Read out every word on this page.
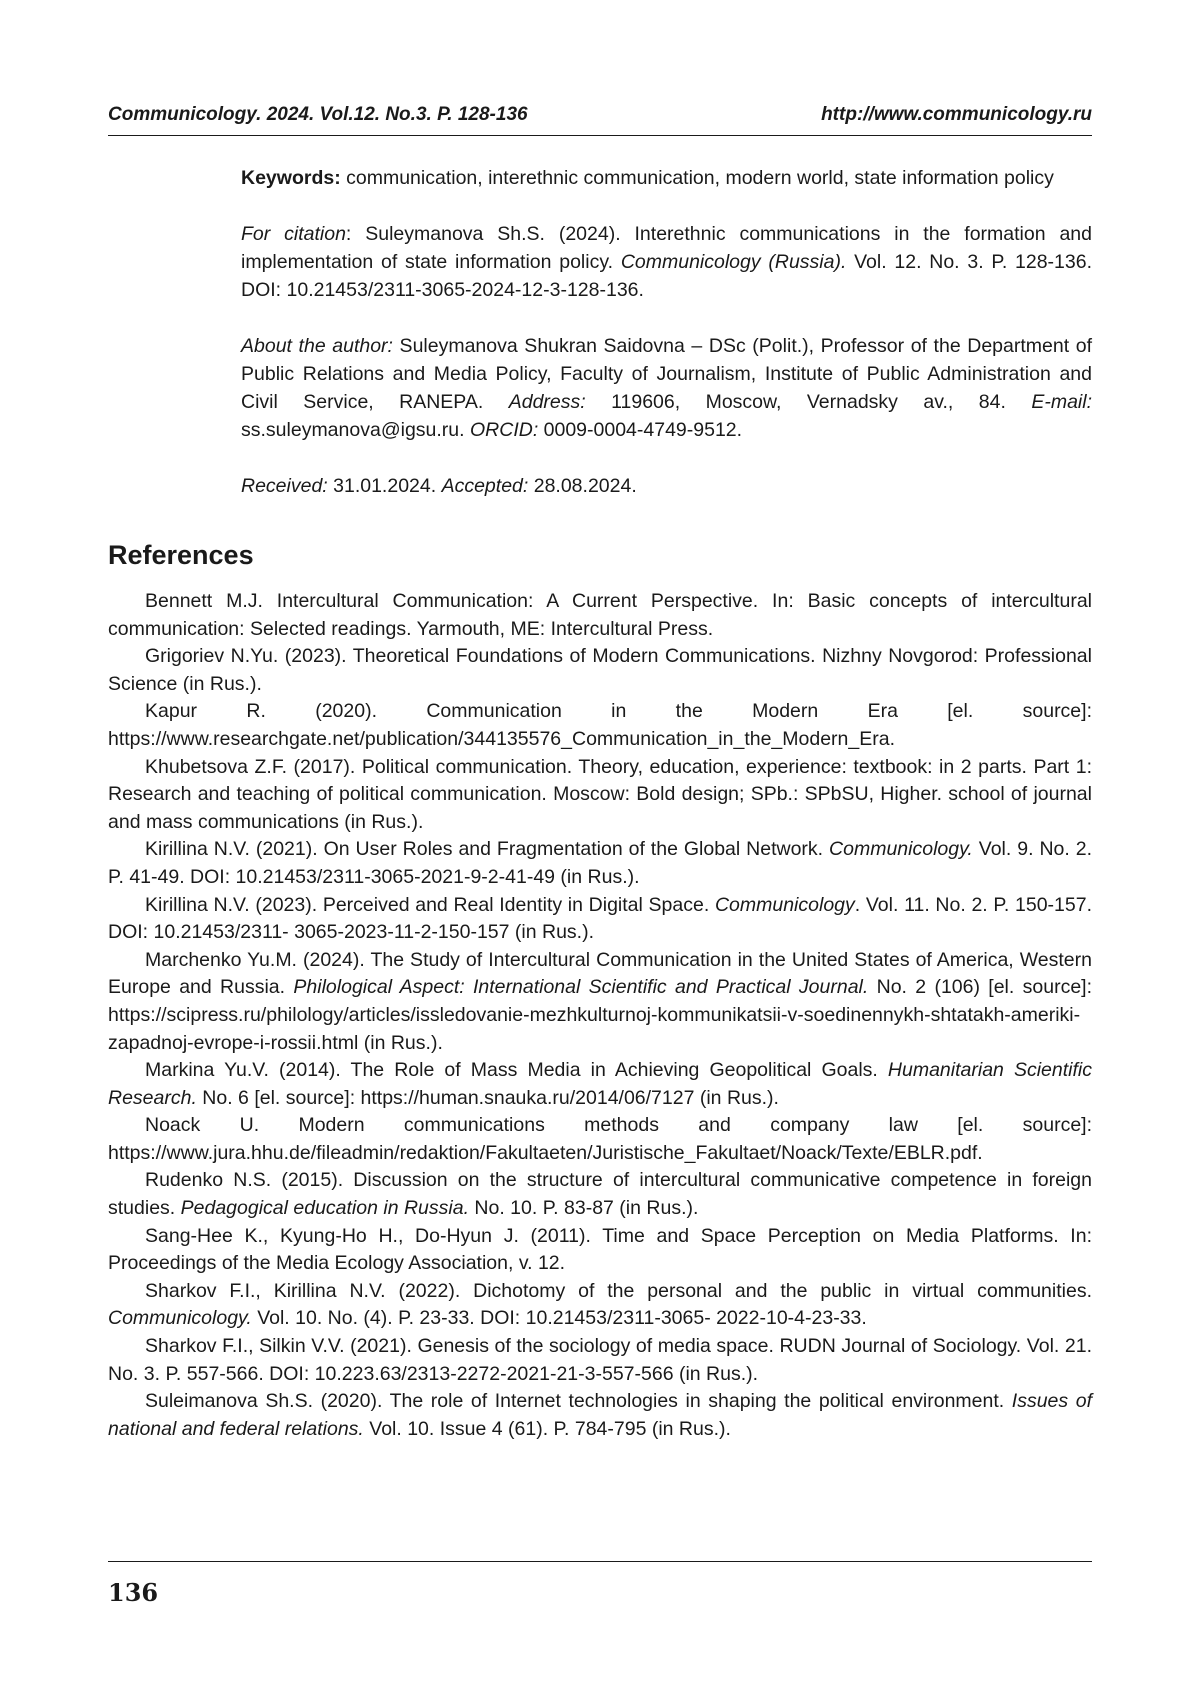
Communicology. 2024. Vol.12. No.3. P. 128-136	http://www.communicology.ru

Keywords: communication, interethnic communication, modern world, state information policy

For citation: Suleymanova Sh.S. (2024). Interethnic communications in the formation and implementation of state information policy. Communicology (Russia). Vol. 12. No. 3. P. 128-136. DOI: 10.21453/2311-3065-2024-12-3-128-136.

About the author: Suleymanova Shukran Saidovna – DSc (Polit.), Professor of the Department of Public Relations and Media Policy, Faculty of Journalism, Institute of Public Administration and Civil Service, RANEPA. Address: 119606, Moscow, Vernadsky av., 84. E-mail: ss.suleymanova@igsu.ru. ORCID: 0009-0004-4749-9512.

Received: 31.01.2024. Accepted: 28.08.2024.

References

Bennett M.J. Intercultural Communication: A Current Perspective. In: Basic concepts of intercultural communication: Selected readings. Yarmouth, ME: Intercultural Press.

Grigoriev N.Yu. (2023). Theoretical Foundations of Modern Communications. Nizhny Novgorod: Professional Science (in Rus.).

Kapur R. (2020). Communication in the Modern Era [el. source]: https://www.researchgate.net/publication/344135576_Communication_in_the_Modern_Era.

Khubetsova Z.F. (2017). Political communication. Theory, education, experience: textbook: in 2 parts. Part 1: Research and teaching of political communication. Moscow: Bold design; SPb.: SPbSU, Higher. school of journal and mass communications (in Rus.).

Kirillina N.V. (2021). On User Roles and Fragmentation of the Global Network. Communicology. Vol. 9. No. 2. P. 41-49. DOI: 10.21453/2311-3065-2021-9-2-41-49 (in Rus.).

Kirillina N.V. (2023). Perceived and Real Identity in Digital Space. Communicology. Vol. 11. No. 2. P. 150-157. DOI: 10.21453/2311- 3065-2023-11-2-150-157 (in Rus.).

Marchenko Yu.M. (2024). The Study of Intercultural Communication in the United States of America, Western Europe and Russia. Philological Aspect: International Scientific and Practical Journal. No. 2 (106) [el. source]: https://scipress.ru/philology/articles/issledovanie-mezhkulturnoj-kommunikatsii-v-soedinennykh-shtatakh-ameriki-zapadnoj-evrope-i-rossii.html (in Rus.).

Markina Yu.V. (2014). The Role of Mass Media in Achieving Geopolitical Goals. Humanitarian Scientific Research. No. 6 [el. source]: https://human.snauka.ru/2014/06/7127 (in Rus.).

Noack U. Modern communications methods and company law [el. source]: https://www.jura.hhu.de/fileadmin/redaktion/Fakultaeten/Juristische_Fakultaet/Noack/Texte/EBLR.pdf.

Rudenko N.S. (2015). Discussion on the structure of intercultural communicative competence in foreign studies. Pedagogical education in Russia. No. 10. P. 83-87 (in Rus.).

Sang-Hee K., Kyung-Ho H., Do-Hyun J. (2011). Time and Space Perception on Media Platforms. In: Proceedings of the Media Ecology Association, v. 12.

Sharkov F.I., Kirillina N.V. (2022). Dichotomy of the personal and the public in virtual communities. Communicology. Vol. 10. No. (4). P. 23-33. DOI: 10.21453/2311-3065- 2022-10-4-23-33.

Sharkov F.I., Silkin V.V. (2021). Genesis of the sociology of media space. RUDN Journal of Sociology. Vol. 21. No. 3. P. 557-566. DOI: 10.223.63/2313-2272-2021-21-3-557-566 (in Rus.).

Suleimanova Sh.S. (2020). The role of Internet technologies in shaping the political environment. Issues of national and federal relations. Vol. 10. Issue 4 (61). P. 784-795 (in Rus.).

136
